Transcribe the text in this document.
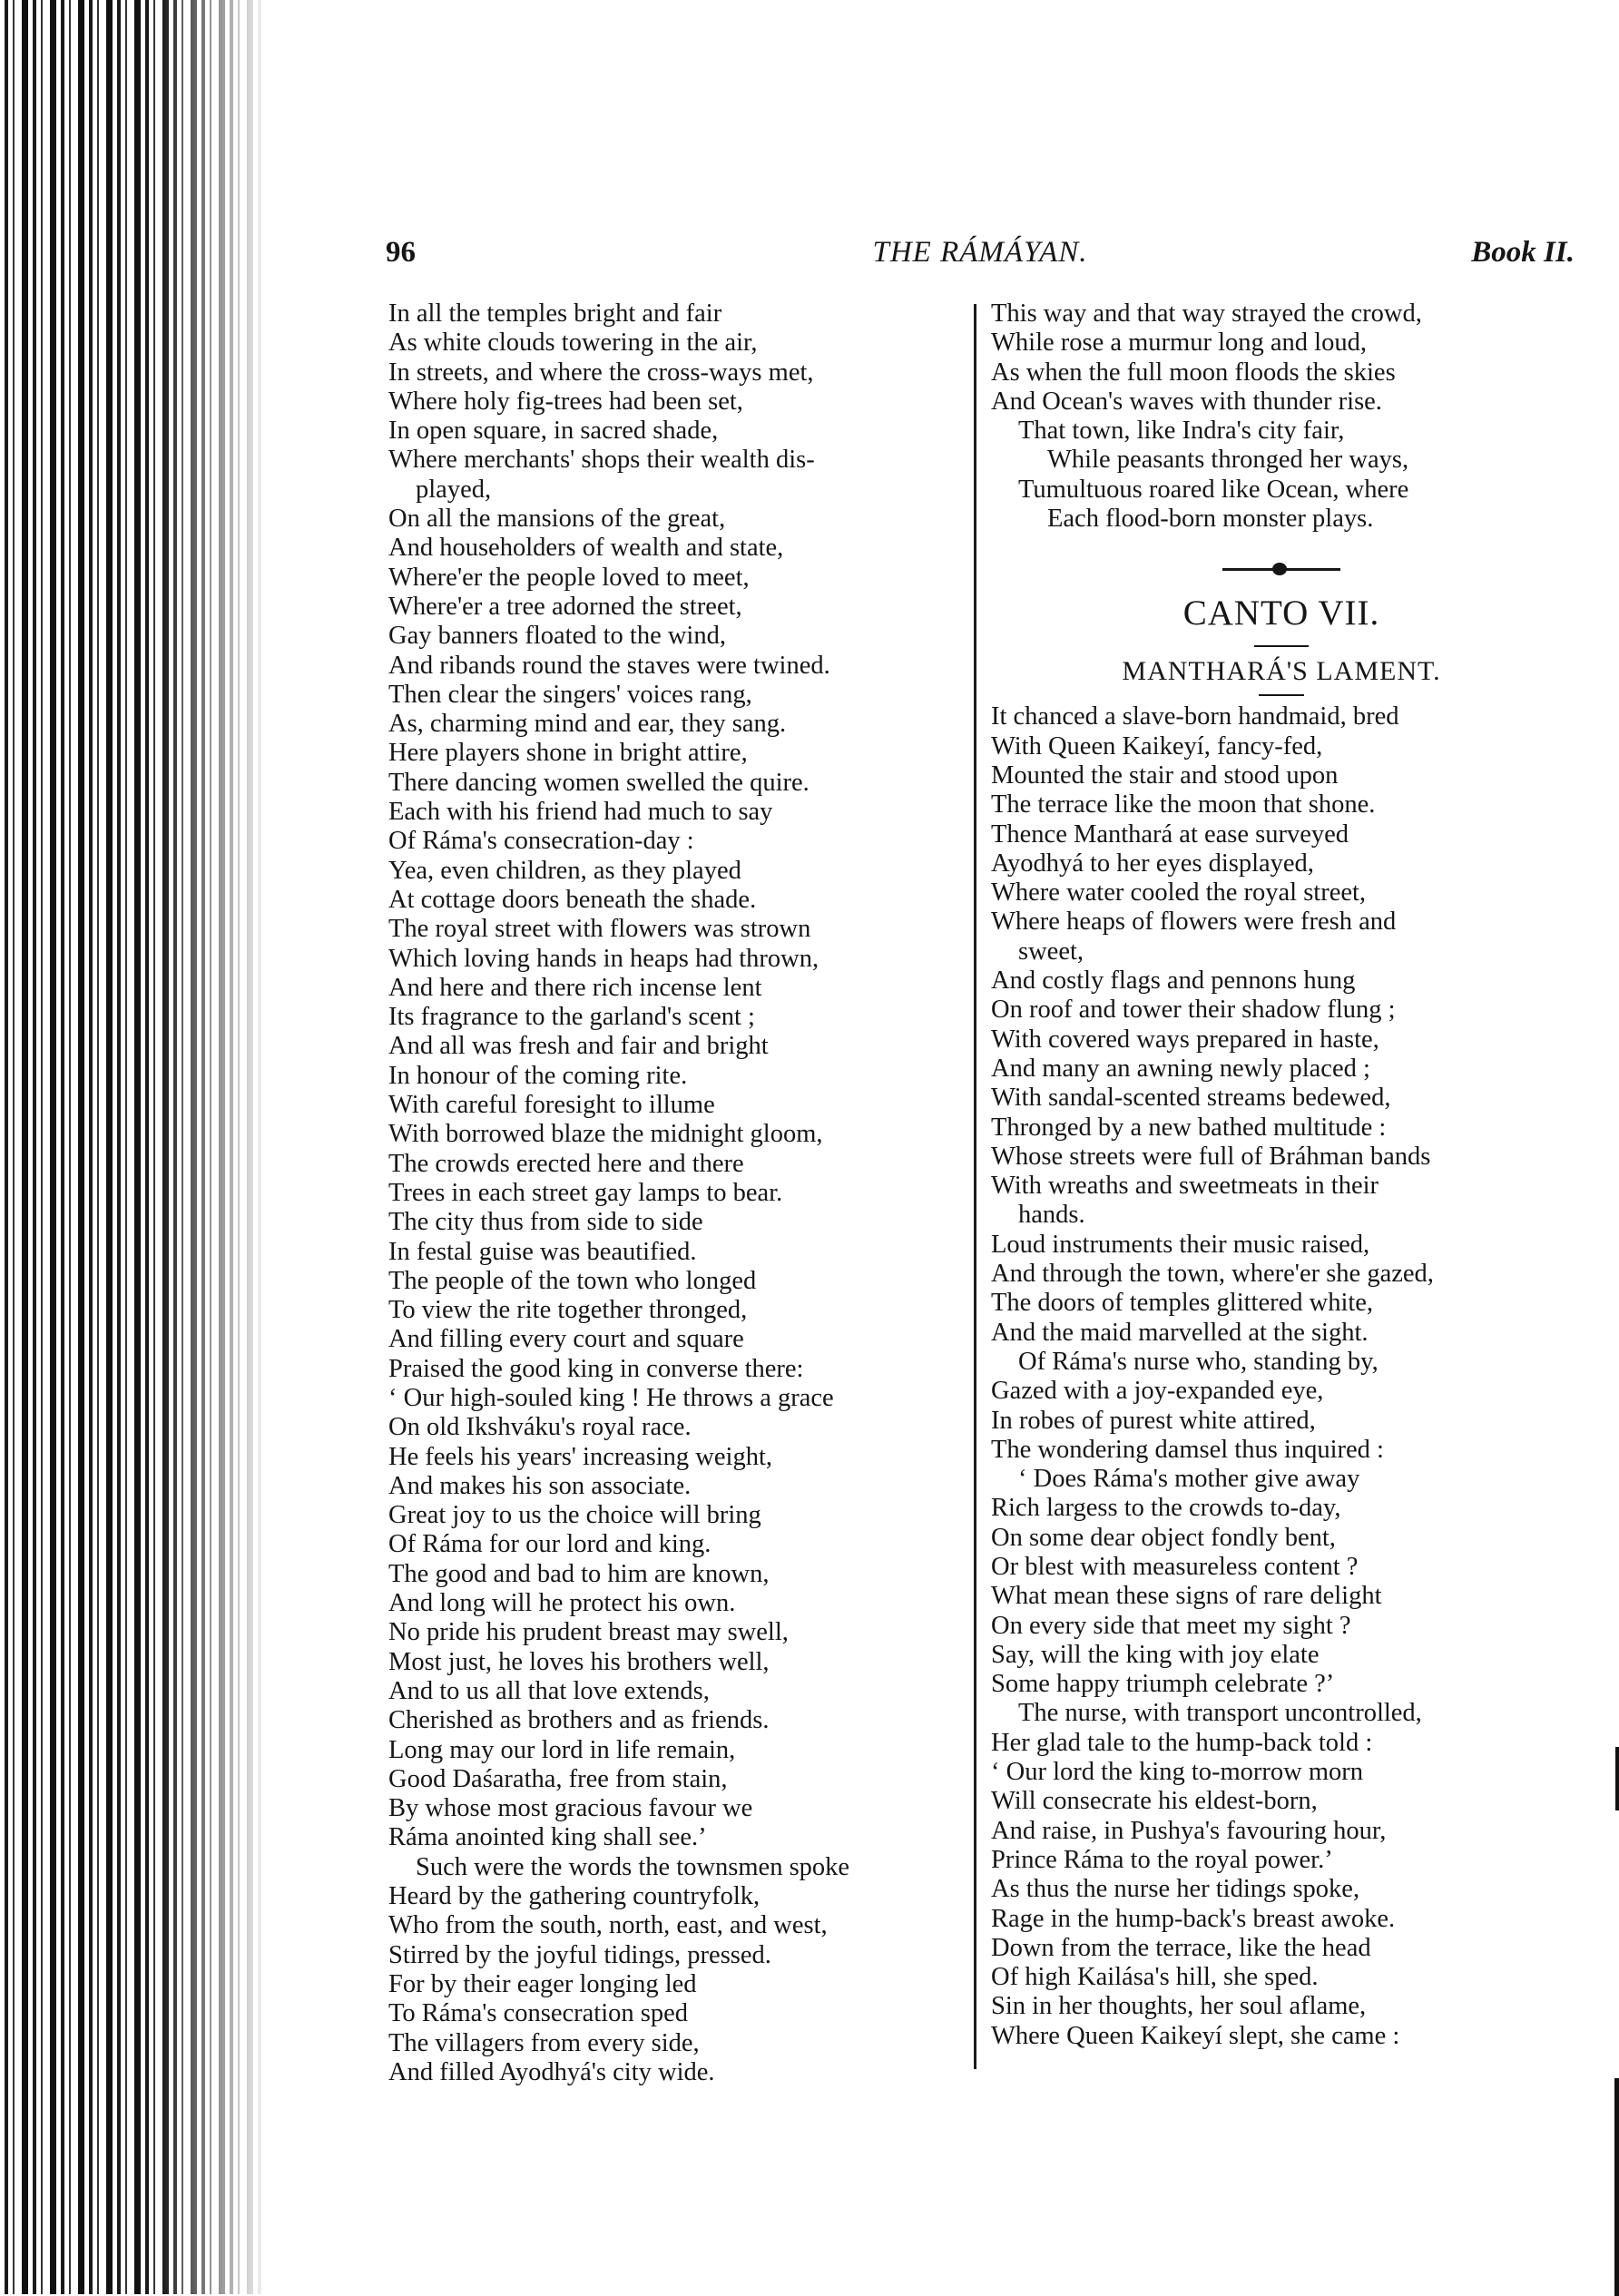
96	THE RÁMÁYAN.	Book II.
In all the temples bright and fair
As white clouds towering in the air,
In streets, and where the cross-ways met,
Where holy fig-trees had been set,
In open square, in sacred shade,
Where merchants' shops their wealth dis-
played,
On all the mansions of the great,
And householders of wealth and state,
Where'er the people loved to meet,
Where'er a tree adorned the street,
Gay banners floated to the wind,
And ribands round the staves were twined.
Then clear the singers' voices rang,
As, charming mind and ear, they sang.
Here players shone in bright attire,
There dancing women swelled the quire.
Each with his friend had much to say
Of Ráma's consecration-day :
Yea, even children, as they played
At cottage doors beneath the shade.
The royal street with flowers was strown
Which loving hands in heaps had thrown,
And here and there rich incense lent
Its fragrance to the garland's scent ;
And all was fresh and fair and bright
In honour of the coming rite.
With careful foresight to illume
With borrowed blaze the midnight gloom,
The crowds erected here and there
Trees in each street gay lamps to bear.
The city thus from side to side
In festal guise was beautified.
The people of the town who longed
To view the rite together thronged,
And filling every court and square
Praised the good king in converse there:
‘ Our high-souled king ! He throws a grace
On old Ikshváku's royal race.
He feels his years' increasing weight,
And makes his son associate.
Great joy to us the choice will bring
Of Ráma for our lord and king.
The good and bad to him are known,
And long will he protect his own.
No pride his prudent breast may swell,
Most just, he loves his brothers well,
And to us all that love extends,
Cherished as brothers and as friends.
Long may our lord in life remain,
Good Daśaratha, free from stain,
By whose most gracious favour we
Ráma anointed king shall see.’
Such were the words the townsmen spoke
Heard by the gathering countryfolk,
Who from the south, north, east, and west,
Stirred by the joyful tidings, pressed.
For by their eager longing led
To Ráma's consecration sped
The villagers from every side,
And filled Ayodhyá's city wide.
This way and that way strayed the crowd,
While rose a murmur long and loud,
As when the full moon floods the skies
And Ocean's waves with thunder rise.
That town, like Indra's city fair,
While peasants thronged her ways,
Tumultuous roared like Ocean, where
Each flood-born monster plays.
CANTO VII.
MANTHARÁ'S LAMENT.
It chanced a slave-born handmaid, bred
With Queen Kaikeyí, fancy-fed,
Mounted the stair and stood upon
The terrace like the moon that shone.
Thence Manthará at ease surveyed
Ayodhyá to her eyes displayed,
Where water cooled the royal street,
Where heaps of flowers were fresh and
sweet,
And costly flags and pennons hung
On roof and tower their shadow flung ;
With covered ways prepared in haste,
And many an awning newly placed ;
With sandal-scented streams bedewed,
Thronged by a new bathed multitude :
Whose streets were full of Bráhman bands
With wreaths and sweetmeats in their
hands.
Loud instruments their music raised,
And through the town, where'er she gazed,
The doors of temples glittered white,
And the maid marvelled at the sight.
Of Ráma's nurse who, standing by,
Gazed with a joy-expanded eye,
In robes of purest white attired,
The wondering damsel thus inquired :
‘ Does Ráma's mother give away
Rich largess to the crowds to-day,
On some dear object fondly bent,
Or blest with measureless content ?
What mean these signs of rare delight
On every side that meet my sight ?
Say, will the king with joy elate
Some happy triumph celebrate ?’
The nurse, with transport uncontrolled,
Her glad tale to the hump-back told :
‘ Our lord the king to-morrow morn
Will consecrate his eldest-born,
And raise, in Pushya's favouring hour,
Prince Ráma to the royal power.’
As thus the nurse her tidings spoke,
Rage in the hump-back's breast awoke.
Down from the terrace, like the head
Of high Kailása's hill, she sped.
Sin in her thoughts, her soul aflame,
Where Queen Kaikeyí slept, she came :
